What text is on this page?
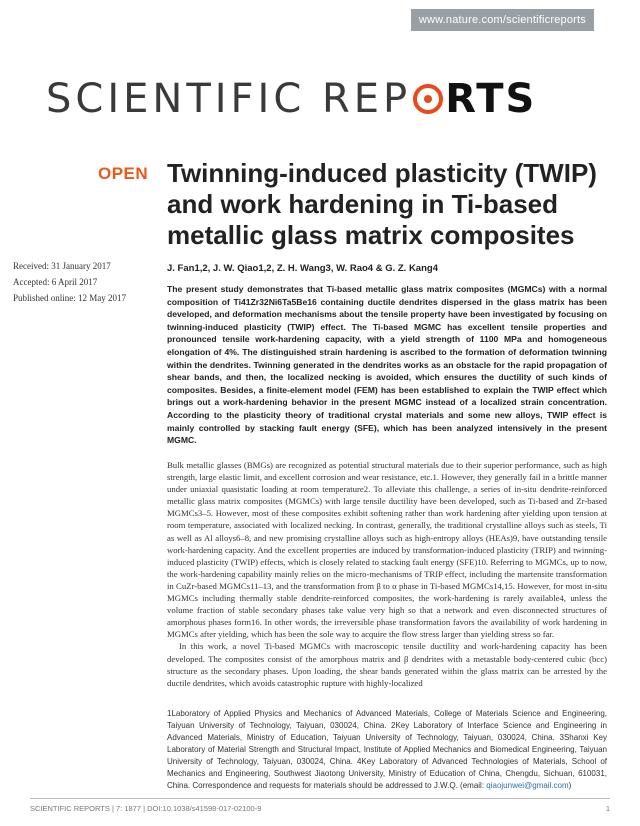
www.nature.com/scientificreports
SCIENTIFIC REP RTS
OPEN Twinning-induced plasticity (TWIP) and work hardening in Ti-based metallic glass matrix composites
Received: 31 January 2017
Accepted: 6 April 2017
Published online: 12 May 2017
J. Fan1,2, J. W. Qiao1,2, Z. H. Wang3, W. Rao4 & G. Z. Kang4

The present study demonstrates that Ti-based metallic glass matrix composites (MGMCs) with a normal composition of Ti41Zr32Ni6Ta5Be16 containing ductile dendrites dispersed in the glass matrix has been developed, and deformation mechanisms about the tensile property have been investigated by focusing on twinning-induced plasticity (TWIP) effect. The Ti-based MGMC has excellent tensile properties and pronounced tensile work-hardening capacity, with a yield strength of 1100 MPa and homogeneous elongation of 4%. The distinguished strain hardening is ascribed to the formation of deformation twinning within the dendrites. Twinning generated in the dendrites works as an obstacle for the rapid propagation of shear bands, and then, the localized necking is avoided, which ensures the ductility of such kinds of composites. Besides, a finite-element model (FEM) has been established to explain the TWIP effect which brings out a work-hardening behavior in the present MGMC instead of a localized strain concentration. According to the plasticity theory of traditional crystal materials and some new alloys, TWIP effect is mainly controlled by stacking fault energy (SFE), which has been analyzed intensively in the present MGMC.

Bulk metallic glasses (BMGs) are recognized as potential structural materials due to their superior performance, such as high strength, large elastic limit, and excellent corrosion and wear resistance, etc.1. However, they generally fail in a brittle manner under uniaxial quasistatic loading at room temperature2. To alleviate this challenge, a series of in-situ dendrite-reinforced metallic glass matrix composites (MGMCs) with large tensile ductility have been developed, such as Ti-based and Zr-based MGMCs3–5. However, most of these composites exhibit softening rather than work hardening after yielding upon tension at room temperature, associated with localized necking. In contrast, generally, the traditional crystalline alloys such as steels, Ti as well as Al alloys6–8, and new promising crystalline alloys such as high-entropy alloys (HEAs)9, have outstanding tensile work-hardening capacity. And the excellent properties are induced by transformation-induced plasticity (TRIP) and twinning-induced plasticity (TWIP) effects, which is closely related to stacking fault energy (SFE)10. Referring to MGMCs, up to now, the work-hardening capability mainly relies on the micro-mechanisms of TRIP effect, including the martensite transformation in CuZr-based MGMCs11–13, and the transformation from β to α phase in Ti-based MGMCs14,15. However, for most in-situ MGMCs including thermally stable dendrite-reinforced composites, the work-hardening is rarely available4, unless the volume fraction of stable secondary phases take value very high so that a network and even disconnected structures of amorphous phases form16. In other words, the irreversible phase transformation favors the availability of work hardening in MGMCs after yielding, which has been the sole way to acquire the flow stress larger than yielding stress so far.

In this work, a novel Ti-based MGMCs with macroscopic tensile ductility and work-hardening capacity has been developed. The composites consist of the amorphous matrix and β dendrites with a metastable body-centered cubic (bcc) structure as the secondary phases. Upon loading, the shear bands generated within the glass matrix can be arrested by the ductile dendrites, which avoids catastrophic rupture with highly-localized

1Laboratory of Applied Physics and Mechanics of Advanced Materials, College of Materials Science and Engineering, Taiyuan University of Technology, Taiyuan, 030024, China. 2Key Laboratory of Interface Science and Engineering in Advanced Materials, Ministry of Education, Taiyuan University of Technology, Taiyuan, 030024, China. 3Shanxi Key Laboratory of Material Strength and Structural Impact, Institute of Applied Mechanics and Biomedical Engineering, Taiyuan University of Technology, Taiyuan, 030024, China. 4Key Laboratory of Advanced Technologies of Materials, School of Mechanics and Engineering, Southwest Jiaotong University, Ministry of Education of China, Chengdu, Sichuan, 610031, China. Correspondence and requests for materials should be addressed to J.W.Q. (email: qiaojunwei@gmail.com)
SCIENTIFIC REPORTS | 7: 1877 | DOI:10.1038/s41598-017-02100-9	1
